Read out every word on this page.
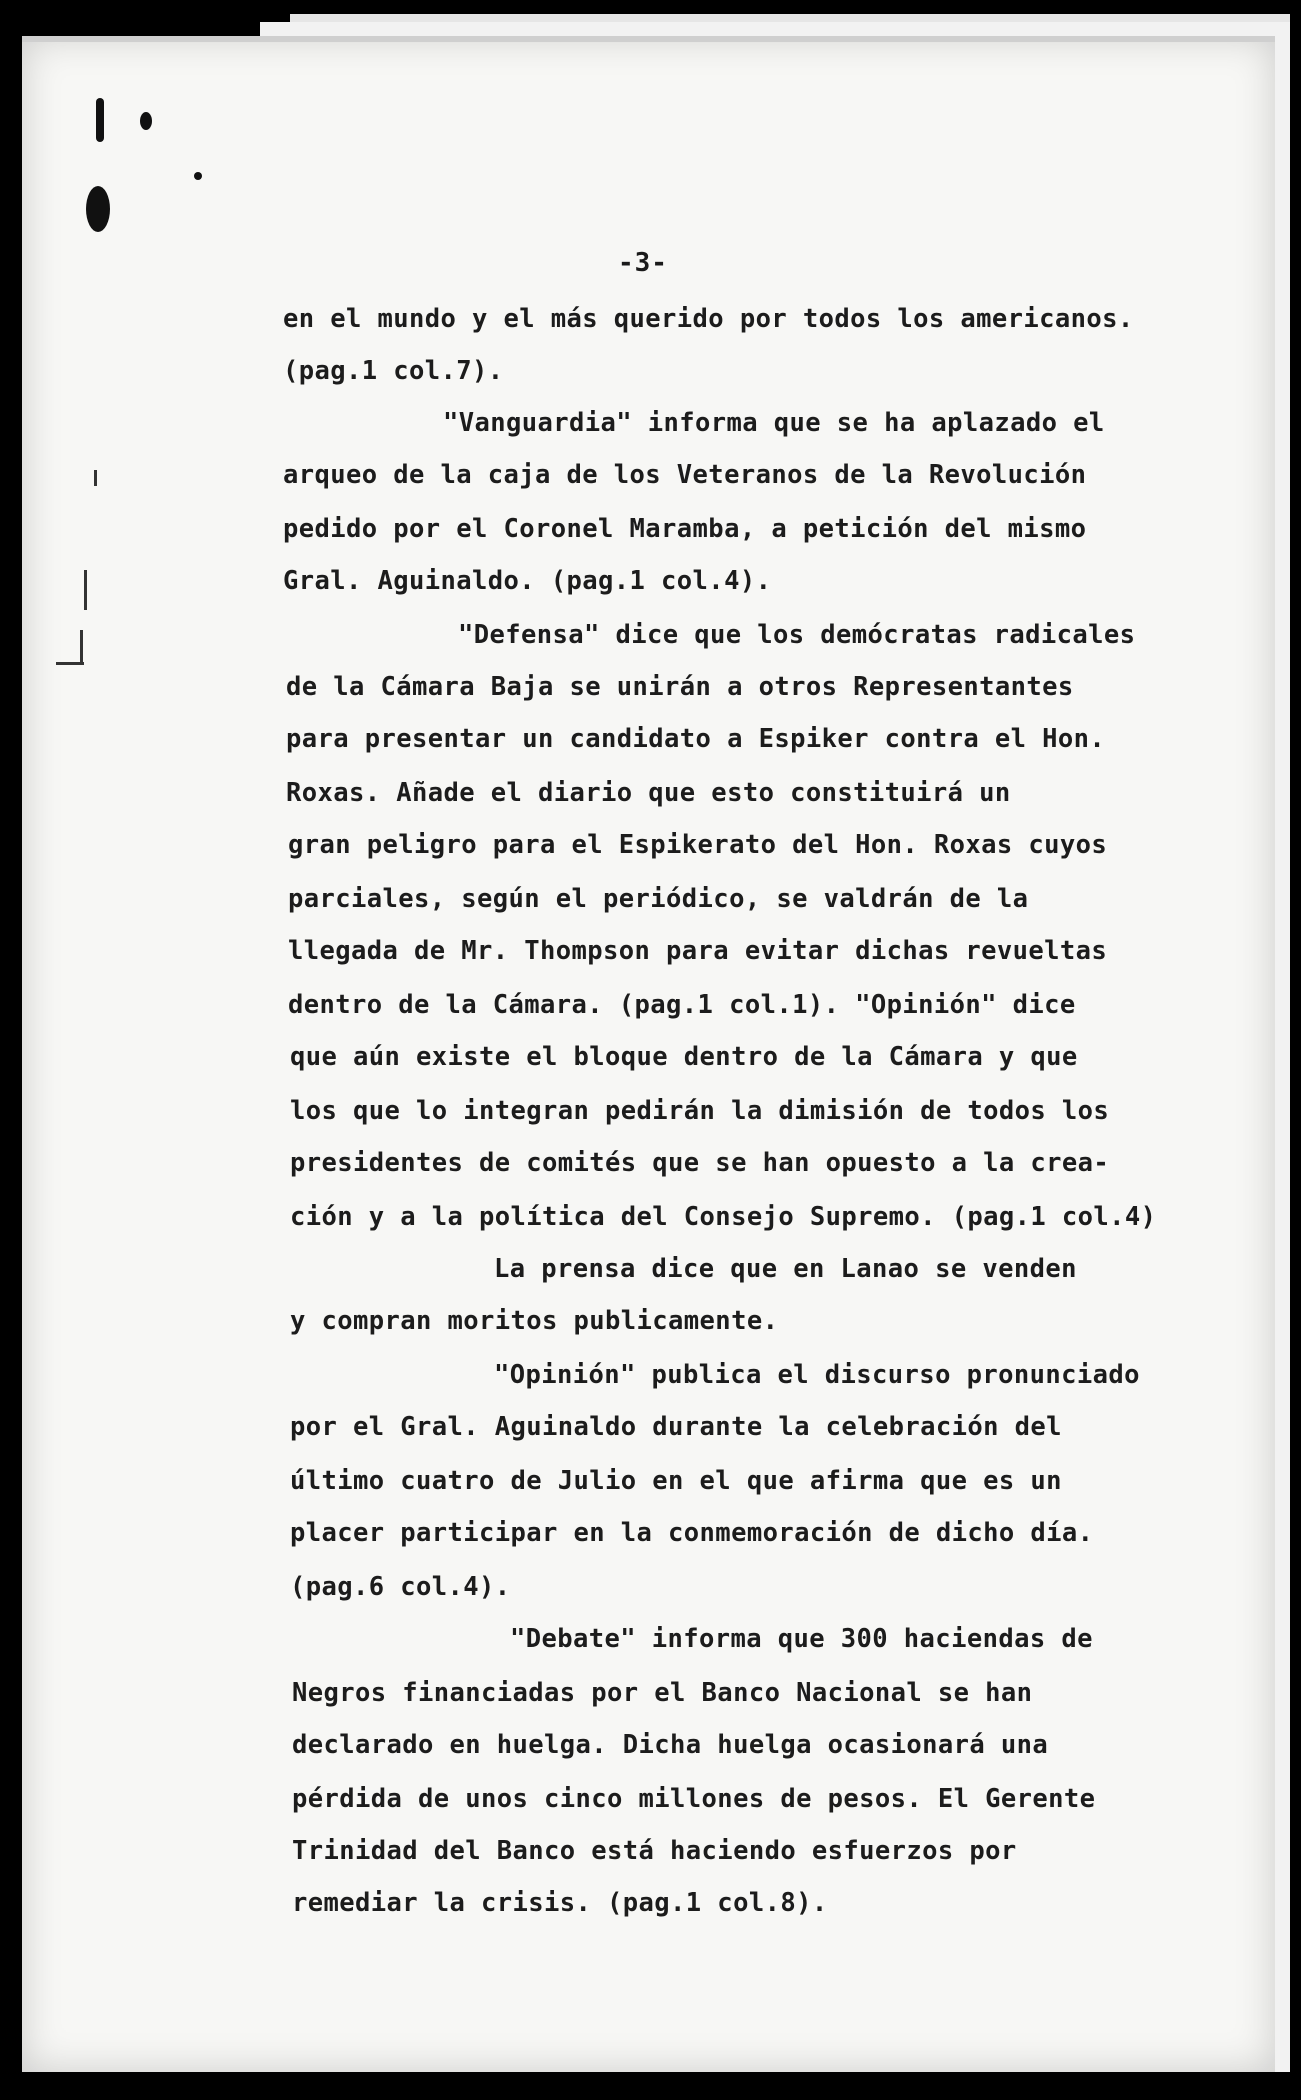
-3-
en el mundo y el más querido por todos los americanos.
(pag.1 col.7).
"Vanguardia" informa que se ha aplazado el
arqueo de la caja de los Veteranos de la Revolución
pedido por el Coronel Maramba, a petición del mismo
Gral. Aguinaldo. (pag.1 col.4).
"Defensa" dice que los demócratas radicales
de la Cámara Baja se unirán a otros Representantes
para presentar un candidato a Espiker contra el Hon.
Roxas. Añade el diario que esto constituirá un
gran peligro para el Espikerato del Hon. Roxas cuyos
parciales, según el periódico, se valdrán de la
llegada de Mr. Thompson para evitar dichas revueltas
dentro de la Cámara. (pag.1 col.1). "Opinión" dice
que aún existe el bloque dentro de la Cámara y que
los que lo integran pedirán la dimisión de todos los
presidentes de comités que se han opuesto a la crea-
ción y a la política del Consejo Supremo. (pag.1 col.4)
La prensa dice que en Lanao se venden
y compran moritos publicamente.
"Opinión" publica el discurso pronunciado
por el Gral. Aguinaldo durante la celebración del
último cuatro de Julio en el que afirma que es un
placer participar en la conmemoración de dicho día.
(pag.6 col.4).
"Debate" informa que 300 haciendas de
Negros financiadas por el Banco Nacional se han
declarado en huelga. Dicha huelga ocasionará una
pérdida de unos cinco millones de pesos. El Gerente
Trinidad del Banco está haciendo esfuerzos por
remediar la crisis. (pag.1 col.8).
